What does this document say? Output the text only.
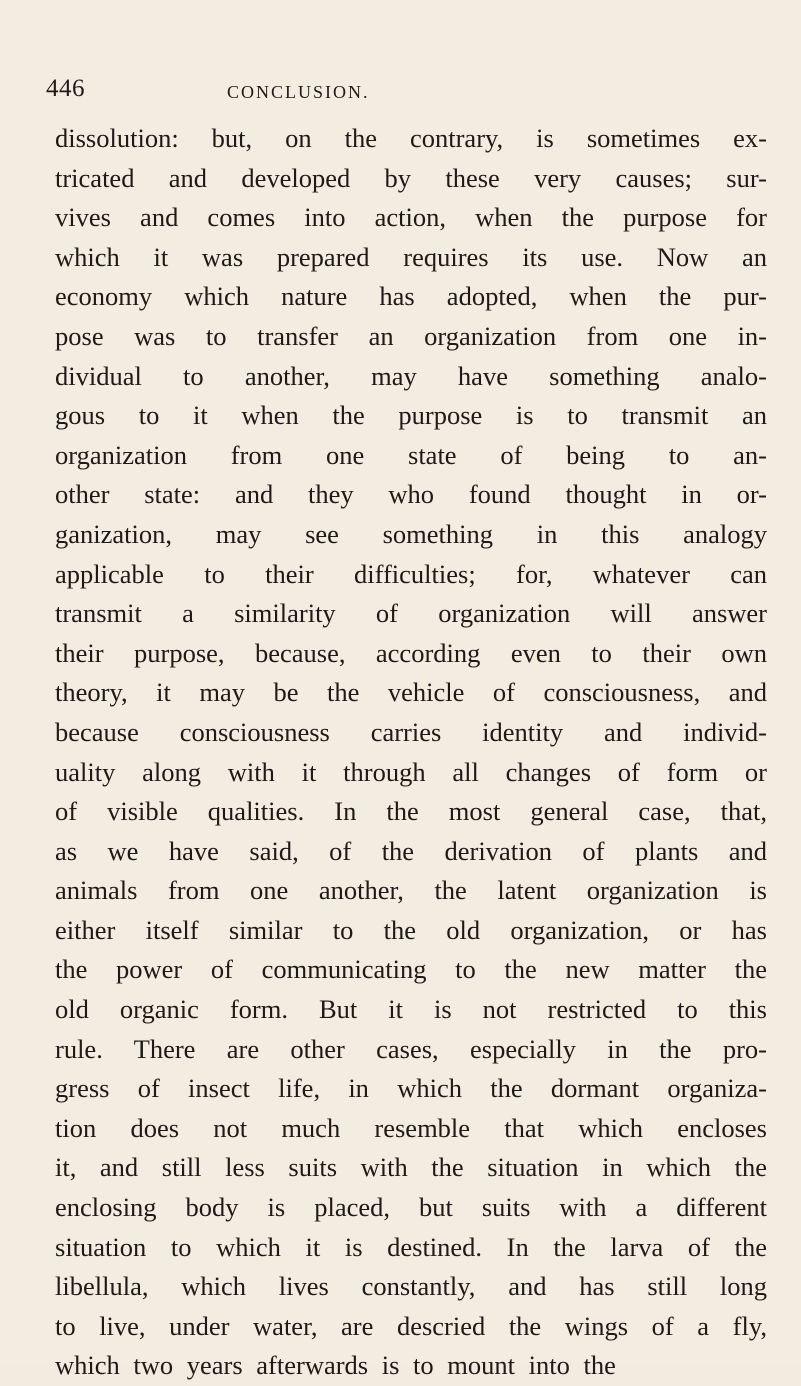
446	CONCLUSION.
dissolution: but, on the contrary, is sometimes ex-
tricated and developed by these very causes; sur-
vives and comes into action, when the purpose for
which it was prepared requires its use. Now an
economy which nature has adopted, when the pur-
pose was to transfer an organization from one in-
dividual to another, may have something analo-
gous to it when the purpose is to transmit an
organization from one state of being to an-
other state: and they who found thought in or-
ganization, may see something in this analogy
applicable to their difficulties; for, whatever can
transmit a similarity of organization will answer
their purpose, because, according even to their own
theory, it may be the vehicle of consciousness, and
because consciousness carries identity and individ-
uality along with it through all changes of form or
of visible qualities. In the most general case, that,
as we have said, of the derivation of plants and
animals from one another, the latent organization is
either itself similar to the old organization, or has
the power of communicating to the new matter the
old organic form. But it is not restricted to this
rule. There are other cases, especially in the pro-
gress of insect life, in which the dormant organiza-
tion does not much resemble that which encloses
it, and still less suits with the situation in which the
enclosing body is placed, but suits with a different
situation to which it is destined. In the larva of the
libellula, which lives constantly, and has still long
to live, under water, are descried the wings of a fly,
which two years afterwards is to mount into the
